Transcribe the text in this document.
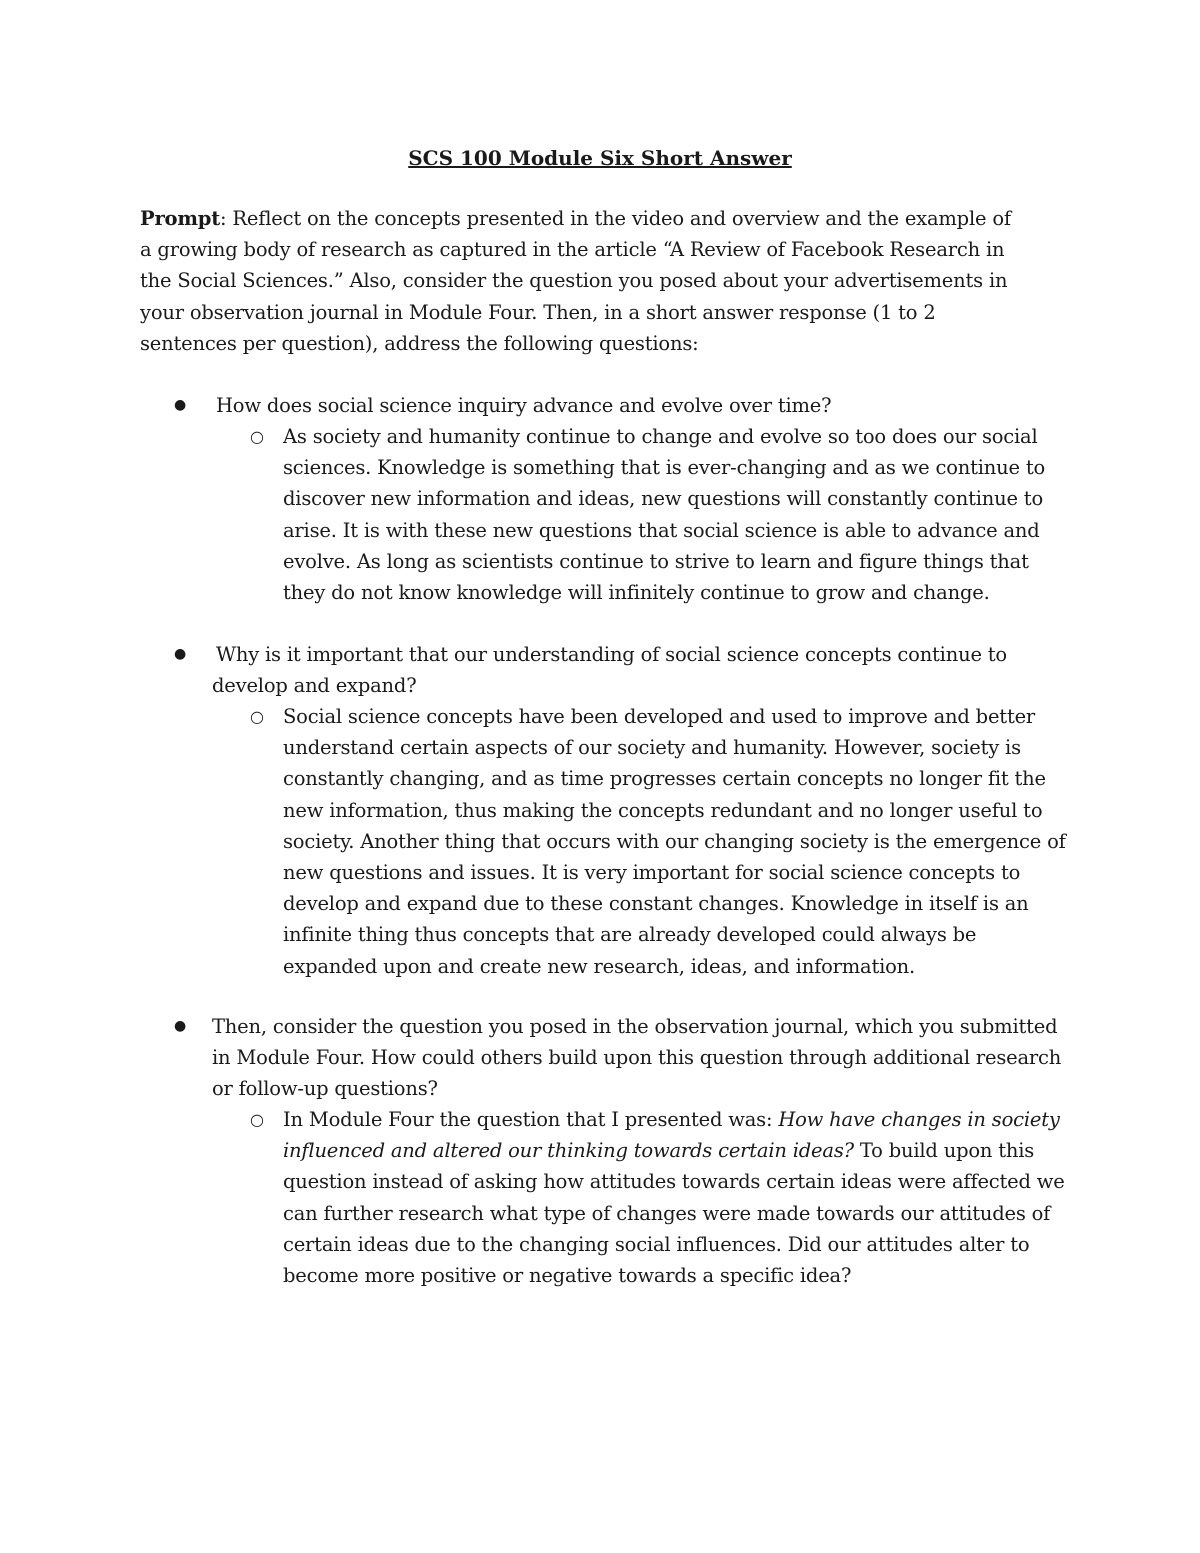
SCS 100 Module Six Short Answer
Prompt: Reflect on the concepts presented in the video and overview and the example of a growing body of research as captured in the article “A Review of Facebook Research in the Social Sciences.” Also, consider the question you posed about your advertisements in your observation journal in Module Four. Then, in a short answer response (1 to 2 sentences per question), address the following questions:
● How does social science inquiry advance and evolve over time?
○ As society and humanity continue to change and evolve so too does our social sciences. Knowledge is something that is ever-changing and as we continue to discover new information and ideas, new questions will constantly continue to arise. It is with these new questions that social science is able to advance and evolve. As long as scientists continue to strive to learn and figure things that they do not know knowledge will infinitely continue to grow and change.
● Why is it important that our understanding of social science concepts continue to develop and expand?
○ Social science concepts have been developed and used to improve and better understand certain aspects of our society and humanity. However, society is constantly changing, and as time progresses certain concepts no longer fit the new information, thus making the concepts redundant and no longer useful to society. Another thing that occurs with our changing society is the emergence of new questions and issues. It is very important for social science concepts to develop and expand due to these constant changes. Knowledge in itself is an infinite thing thus concepts that are already developed could always be expanded upon and create new research, ideas, and information.
● Then, consider the question you posed in the observation journal, which you submitted in Module Four. How could others build upon this question through additional research or follow-up questions?
○ In Module Four the question that I presented was: How have changes in society influenced and altered our thinking towards certain ideas? To build upon this question instead of asking how attitudes towards certain ideas were affected we can further research what type of changes were made towards our attitudes of certain ideas due to the changing social influences. Did our attitudes alter to become more positive or negative towards a specific idea?
